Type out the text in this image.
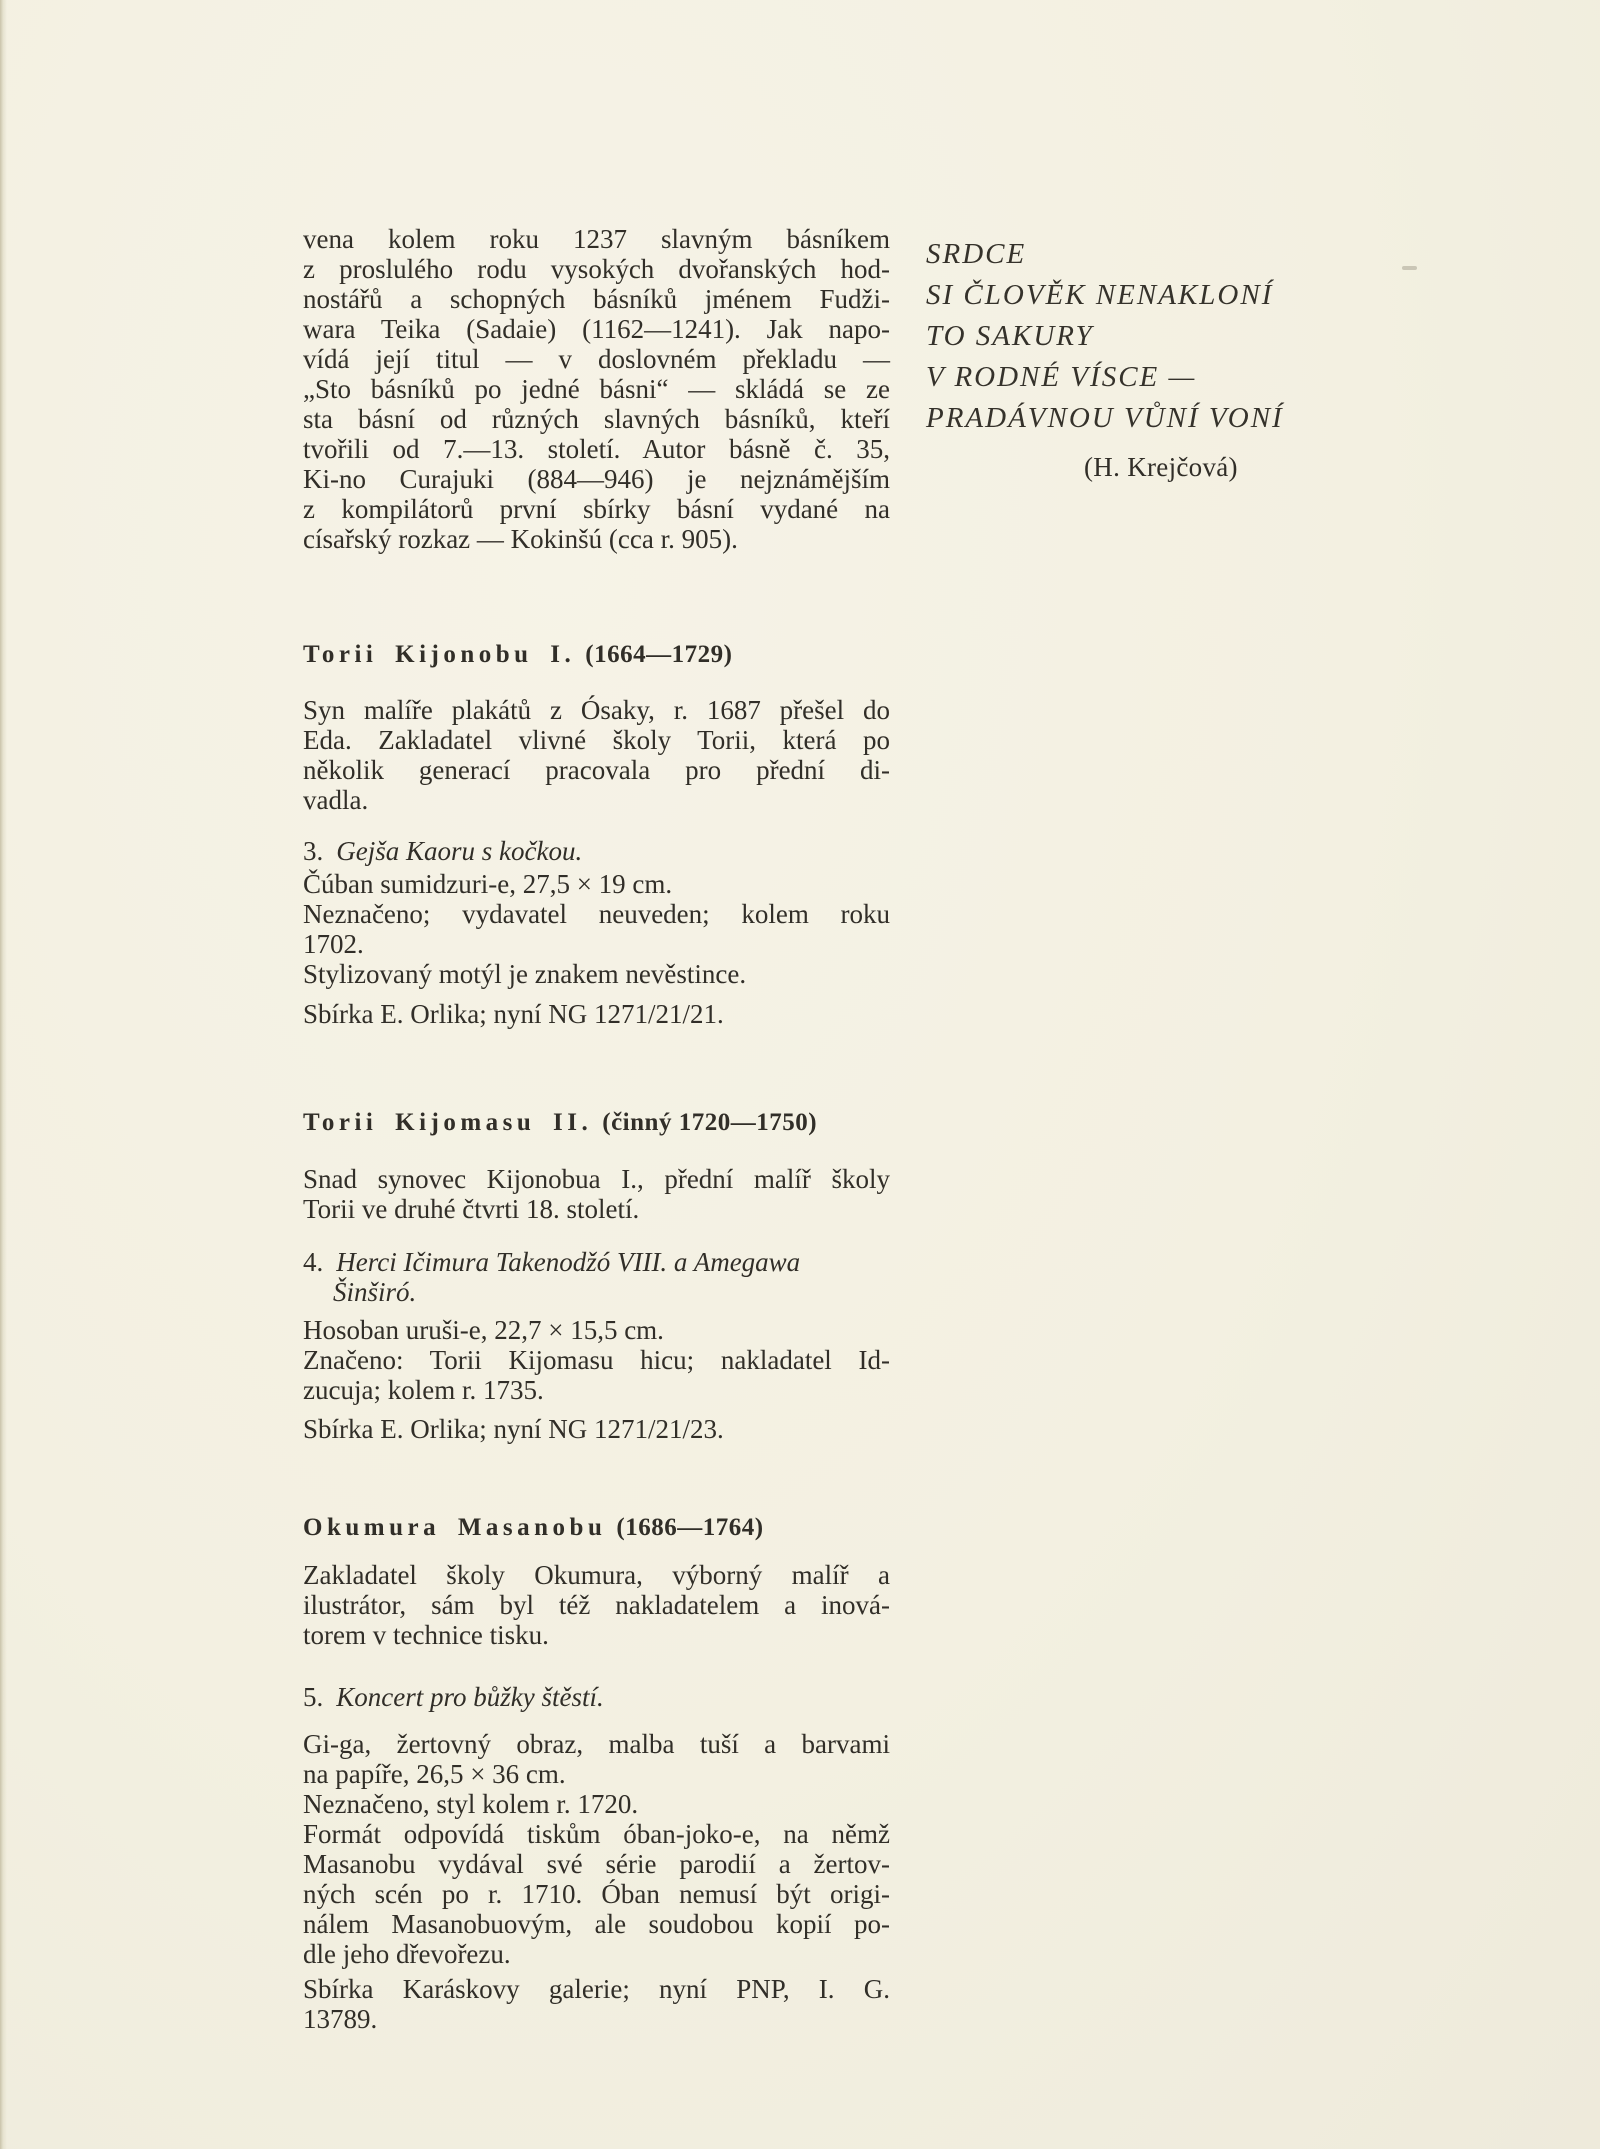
vena kolem roku 1237 slavným básníkem
z proslulého rodu vysokých dvořanských hod-
nostářů a schopných básníků jménem Fudži-
wara Teika (Sadaie) (1162—1241). Jak napo-
vídá její titul — v doslovném překladu —
„Sto básníků po jedné básni“ — skládá se ze
sta básní od různých slavných básníků, kteří
tvořili od 7.—13. století. Autor básně č. 35,
Ki-no Curajuki (884—946) je nejznámějším
z kompilátorů první sbírky básní vydané na
císařský rozkaz — Kokinšú (cca r. 905).
SRDCE
SI ČLOVĚK NENAKLONÍ
TO SAKURY
V RODNÉ VÍSCE —
PRADÁVNOU VŮNÍ VONÍ
(H. Krejčová)
Torii Kijonobu I. (1664—1729)
Syn malíře plakátů z Ósaky, r. 1687 přešel do
Eda. Zakladatel vlivné školy Torii, která po
několik generací pracovala pro přední di-
vadla.
3. Gejša Kaoru s kočkou.
Čúban sumidzuri-e, 27,5 × 19 cm.
Neznačeno; vydavatel neuveden; kolem roku
1702.
Stylizovaný motýl je znakem nevěstince.
Sbírka E. Orlika; nyní NG 1271/21/21.
Torii Kijomasu II. (činný 1720—1750)
Snad synovec Kijonobua I., přední malíř školy
Torii ve druhé čtvrti 18. století.
4. Herci Ičimura Takenodžó VIII. a Amegawa
Šinširó.
Hosoban uruši-e, 22,7 × 15,5 cm.
Značeno: Torii Kijomasu hicu; nakladatel Id-
zucuja; kolem r. 1735.
Sbírka E. Orlika; nyní NG 1271/21/23.
Okumura Masanobu (1686—1764)
Zakladatel školy Okumura, výborný malíř a
ilustrátor, sám byl též nakladatelem a inová-
torem v technice tisku.
5. Koncert pro bůžky štěstí.
Gi-ga, žertovný obraz, malba tuší a barvami
na papíře, 26,5 × 36 cm.
Neznačeno, styl kolem r. 1720.
Formát odpovídá tiskům óban-joko-e, na němž
Masanobu vydával své série parodií a žertov-
ných scén po r. 1710. Óban nemusí být origi-
nálem Masanobuovým, ale soudobou kopií po-
dle jeho dřevořezu.
Sbírka Karáskovy galerie; nyní PNP, I. G.
13789.
